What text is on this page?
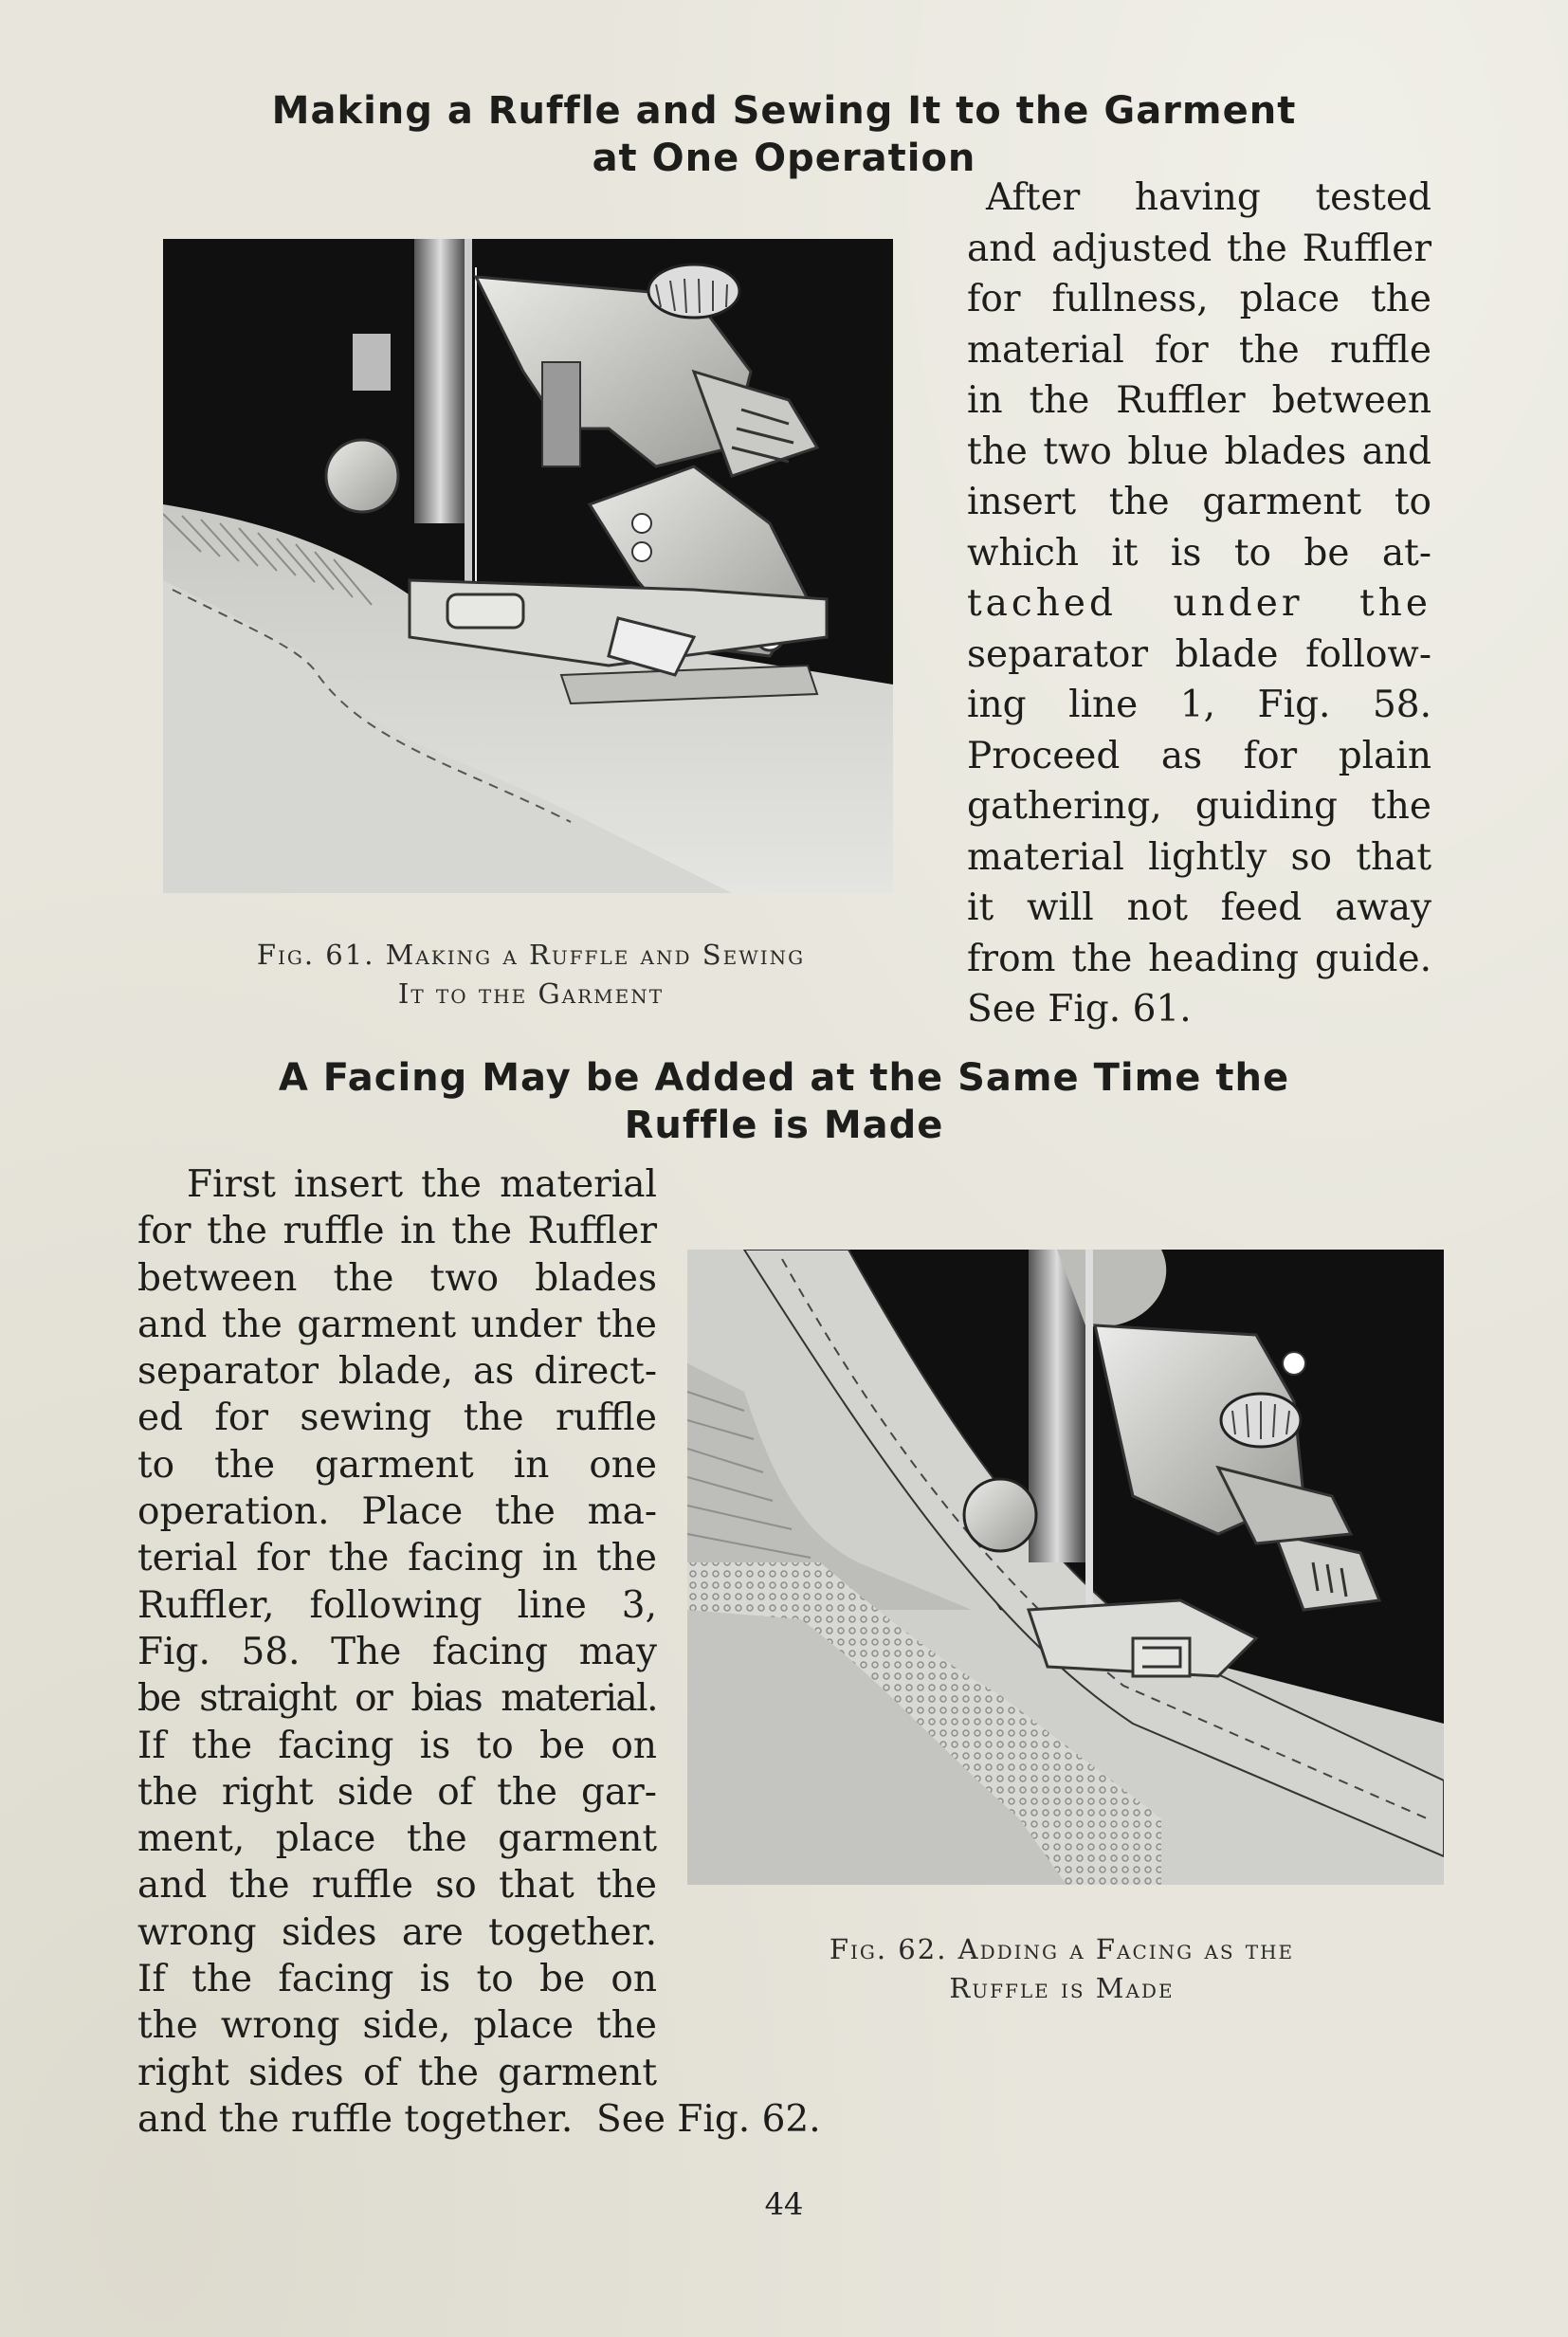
Making a Ruffle and Sewing It to the Garment
at One Operation
Fig. 61. Making a Ruffle and Sewing
It to the Garment
After having tested
and adjusted the Ruffler
for fullness, place the
material for the ruffle
in the Ruffler between
the two blue blades and
insert the garment to
which it is to be at-
tached under the
separator blade follow-
ing line 1, Fig. 58.
Proceed as for plain
gathering, guiding the
material lightly so that
it will not feed away
from the heading guide.
See Fig. 61.
A Facing May be Added at the Same Time the
Ruffle is Made
First insert the material
for the ruffle in the Ruffler
between the two blades
and the garment under the
separator blade, as direct-
ed for sewing the ruffle
to the garment in one
operation. Place the ma-
terial for the facing in the
Ruffler, following line 3,
Fig. 58. The facing may
be straight or bias material.
If the facing is to be on
the right side of the gar-
ment, place the garment
and the ruffle so that the
wrong sides are together.
If the facing is to be on
the wrong side, place the
right sides of the garment
and the ruffle together.  See Fig. 62.
Fig. 62. Adding a Facing as the
Ruffle is Made
44
